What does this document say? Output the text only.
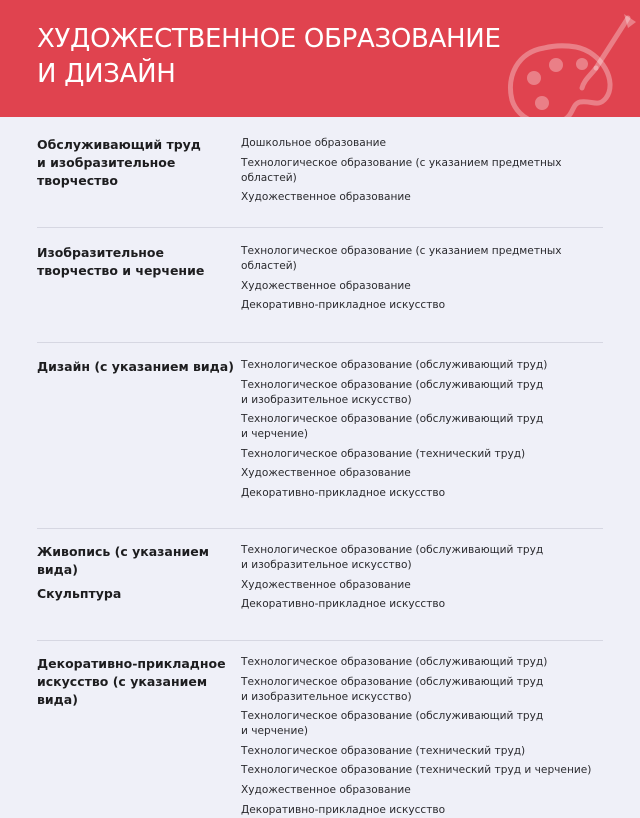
ХУДОЖЕСТВЕННОЕ ОБРАЗОВАНИЕ
И ДИЗАЙН
Обслуживающий труд
и изобразительное
творчество
Дошкольное образование
Технологическое образование (с указанием предметных
областей)
Художественное образование
Изобразительное
творчество и черчение
Технологическое образование (с указанием предметных
областей)
Художественное образование
Декоративно-прикладное искусство
Дизайн (с указанием вида) Технологическое образование (обслуживающий труд)
Технологическое образование (обслуживающий труд
и изобразительное искусство)
Технологическое образование (обслуживающий труд
и черчение)
Технологическое образование (технический труд)
Художественное образование
Декоративно-прикладное искусство
Живопись (с указанием
вида)
Скульптура
Технологическое образование (обслуживающий труд
и изобразительное искусство)
Художественное образование
Декоративно-прикладное искусство
Декоративно-прикладное
искусство (с указанием
вида)
Технологическое образование (обслуживающий труд)
Технологическое образование (обслуживающий труд
и изобразительное искусство)
Технологическое образование (обслуживающий труд
и черчение)
Технологическое образование (технический труд)
Технологическое образование (технический труд и черчение)
Художественное образование
Декоративно-прикладное искусство
